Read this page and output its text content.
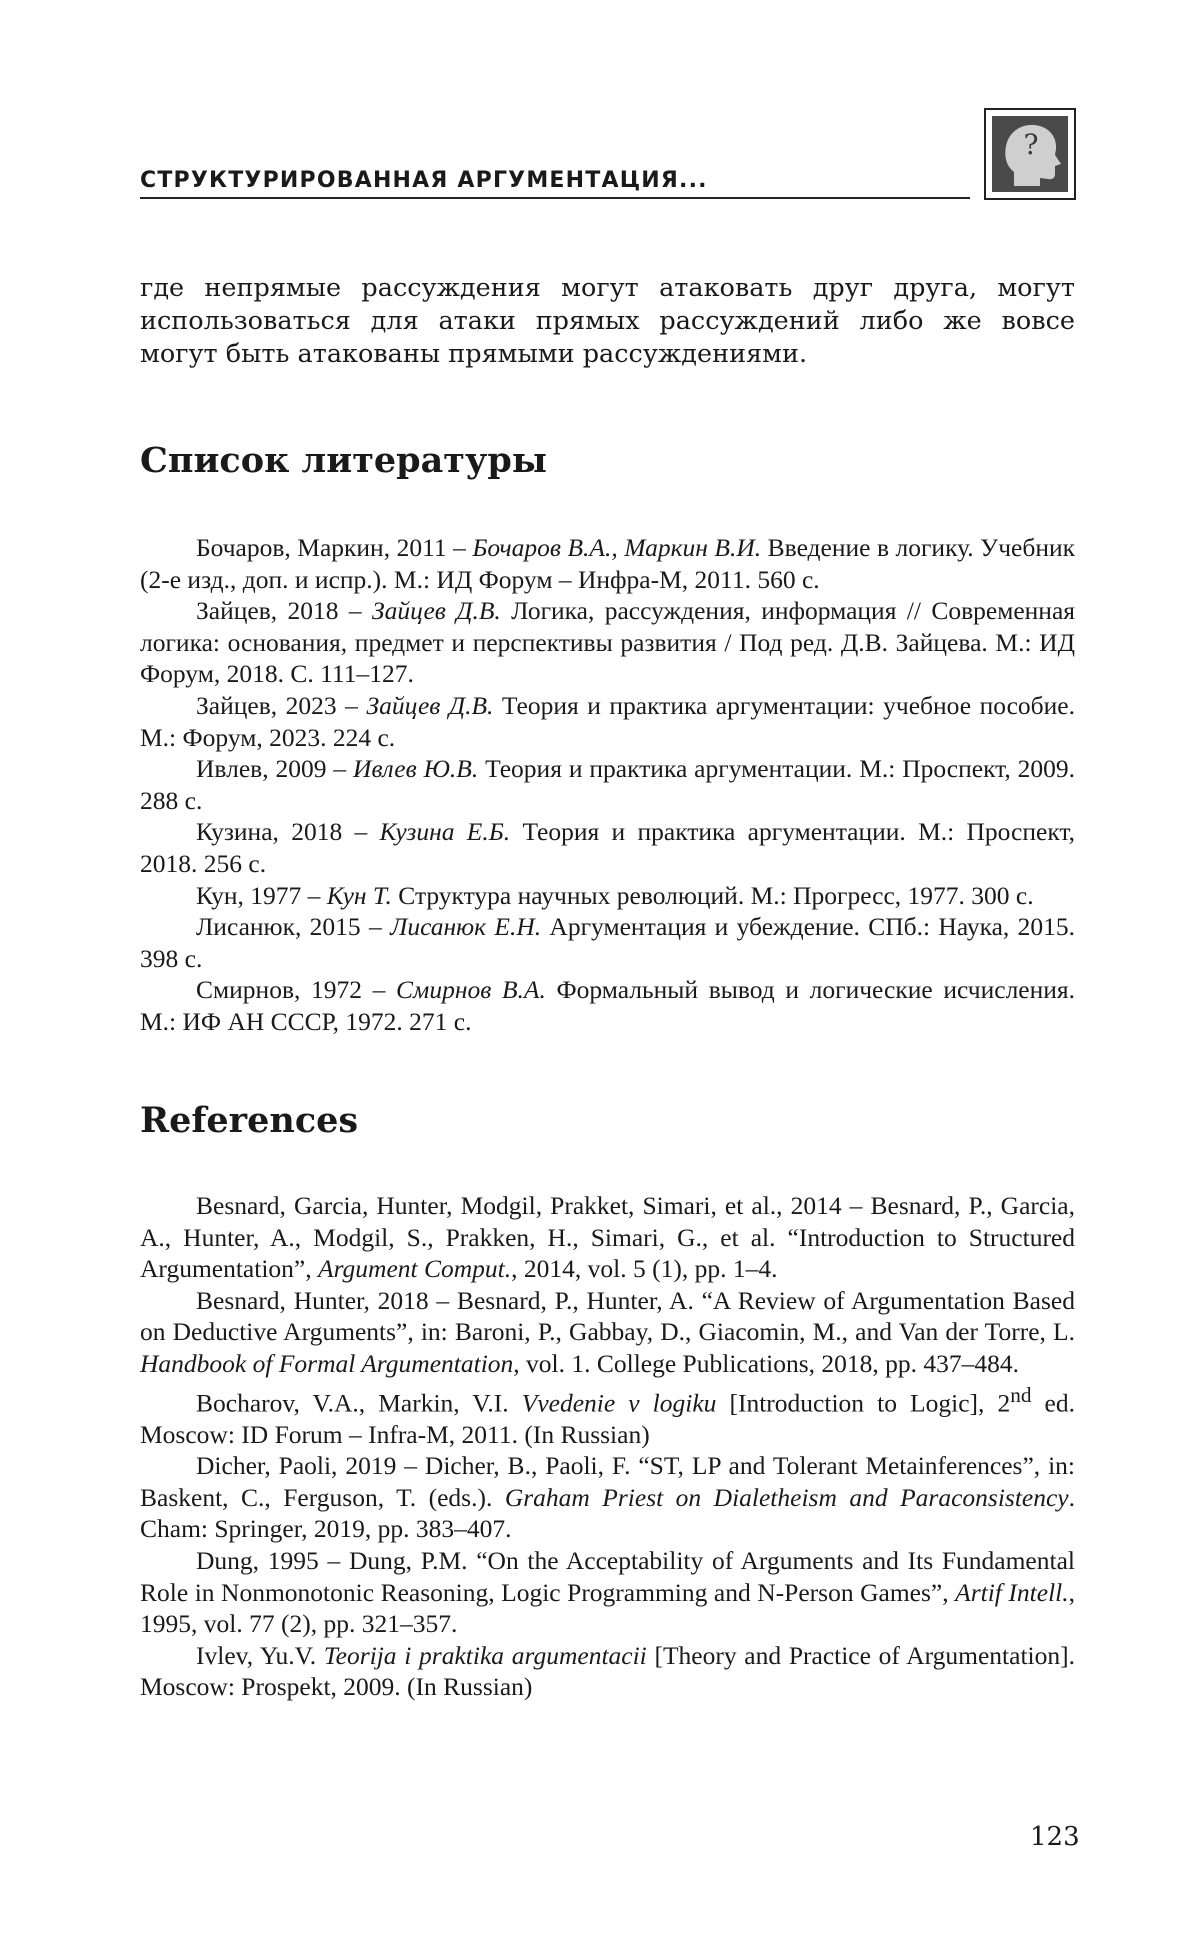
СТРУКТУРИРОВАННАЯ АРГУМЕНТАЦИЯ...
?

где непрямые рассуждения могут атаковать друг друга, могут использоваться для атаки прямых рассуждений либо же вовсе могут быть атакованы прямыми рассуждениями.

Список литературы

Бочаров, Маркин, 2011 – Бочаров В.А., Маркин В.И. Введение в логику. Учебник (2-е изд., доп. и испр.). М.: ИД Форум – Инфра-М, 2011. 560 с.

Зайцев, 2018 – Зайцев Д.В. Логика, рассуждения, информация // Современная логика: основания, предмет и перспективы развития / Под ред. Д.В. Зайцева. М.: ИД Форум, 2018. С. 111–127.

Зайцев, 2023 – Зайцев Д.В. Теория и практика аргументации: учебное пособие. М.: Форум, 2023. 224 с.

Ивлев, 2009 – Ивлев Ю.В. Теория и практика аргументации. М.: Проспект, 2009. 288 с.

Кузина, 2018 – Кузина Е.Б. Теория и практика аргументации. М.: Проспект, 2018. 256 с.

Кун, 1977 – Кун Т. Структура научных революций. М.: Прогресс, 1977. 300 с.

Лисанюк, 2015 – Лисанюк Е.Н. Аргументация и убеждение. СПб.: Наука, 2015. 398 с.

Смирнов, 1972 – Смирнов В.А. Формальный вывод и логические исчисления. М.: ИФ АН СССР, 1972. 271 с.

References

Besnard, Garcia, Hunter, Modgil, Prakket, Simari, et al., 2014 – Besnard, P., Garcia, A., Hunter, A., Modgil, S., Prakken, H., Simari, G., et al. “Introduction to Structured Argumentation”, Argument Comput., 2014, vol. 5 (1), pp. 1–4.

Besnard, Hunter, 2018 – Besnard, P., Hunter, A. “A Review of Argumentation Based on Deductive Arguments”, in: Baroni, P., Gabbay, D., Giacomin, M., and Van der Torre, L. Handbook of Formal Argumentation, vol. 1. College Publications, 2018, pp. 437–484.

Bocharov, V.A., Markin, V.I. Vvedenie v logiku [Introduction to Logic], 2nd ed. Moscow: ID Forum – Infra-M, 2011. (In Russian)

Dicher, Paoli, 2019 – Dicher, B., Paoli, F. “ST, LP and Tolerant Metainferences”, in: Baskent, C., Ferguson, T. (eds.). Graham Priest on Dialetheism and Paraconsistency. Cham: Springer, 2019, pp. 383–407.

Dung, 1995 – Dung, P.M. “On the Acceptability of Arguments and Its Fundamental Role in Nonmonotonic Reasoning, Logic Programming and N-Person Games”, Artif Intell., 1995, vol. 77 (2), pp. 321–357.

Ivlev, Yu.V. Teorija i praktika argumentacii [Theory and Practice of Argumentation]. Moscow: Prospekt, 2009. (In Russian)

123
